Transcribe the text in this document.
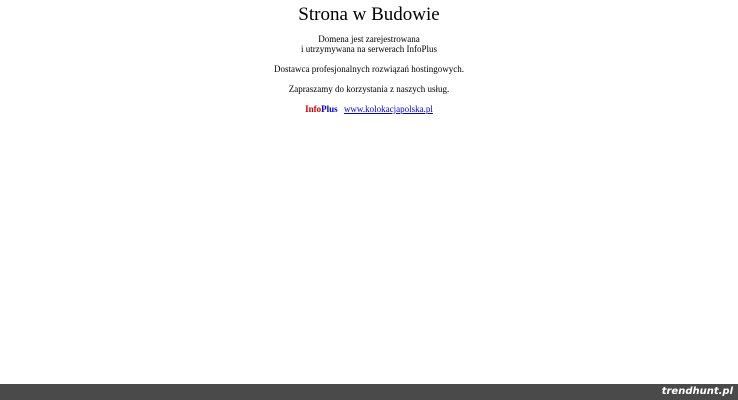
Strona w Budowie

Domena jest zarejestrowana

i utrzymywana na serwerach InfoPlus

Dostawca profesjonalnych rozwiązań hostingowych.

Zapraszamy do korzystania z naszych usług.

InfoPlus www.kolokacjapolska.pl
trendhunt.pl
